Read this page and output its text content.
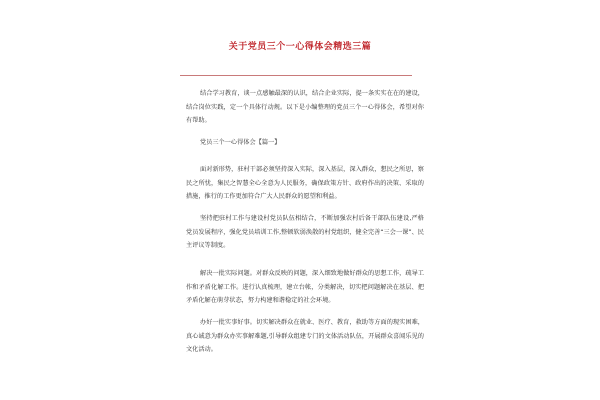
关于党员三个一心得体会精选三篇

结合学习教育，谈一点感触最深的认识，结合企业实际，提一条实实在在的建设，结合岗位实践，定一个具体行动规。以下是小编整理的党员三个一心得体会，希望对你有帮助。

党员三个一心得体会【篇一】

面对新形势，驻村干部必须坚持深入实际，深入基层，深入群众，想民之所思，察民之所忧，集民之智慧全心全意为人民服务，确保政策方针、政府作出的决策、采取的措施，推行的工作更加符合广大人民群众的愿望和利益。

坚持把驻村工作与建设村党员队伍相结合，不断加强农村后备干部队伍建设,严格党员发展程序，强化党员培训工作,整顿软弱涣散的村党组织，健全完善“三会一课”、民主评议等制度。

解决一批实际问题。对群众反映的问题，深入细致地做好群众的思想工作，疏导工作和矛盾化解工作。进行认真梳理，建立台帐，分类解决，切实把问题解决在基层、把矛盾化解在萌芽状态，努力构建和谐稳定的社会环境。

办好一批实事好事。切实解决群众在就业、医疗、教育，救助等方面的现实困难，真心诚意为群众办实事解难题,引导群众组建专门的文体活动队伍，开展群众喜闻乐见的文化活动。
